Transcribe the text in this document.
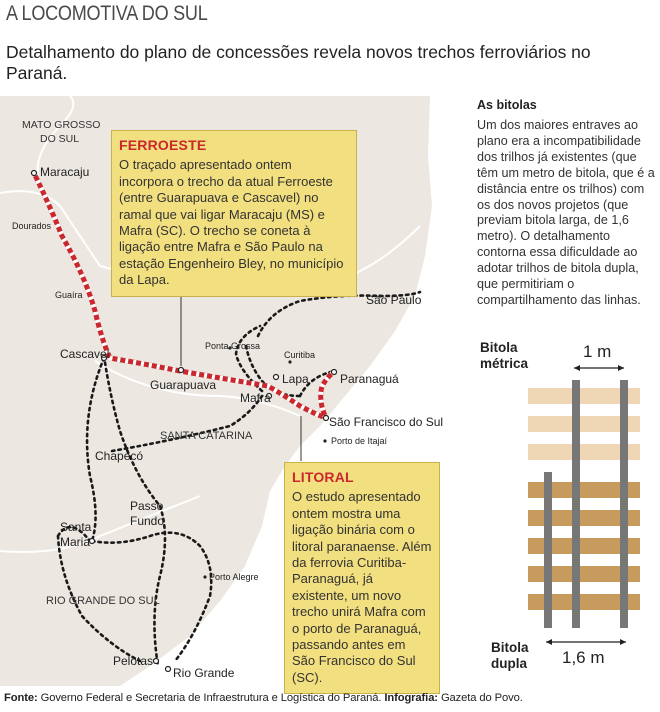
A LOCOMOTIVA DO SUL
Detalhamento do plano de concessões revela novos trechos ferroviários no Paraná.
MATO GROSSO
DO SUL
SANTA CATARINA
RIO GRANDE DO SUL
Maracaju
Dourados
Guaíra
Cascavel
Guarapuava
Ponta Grossa
Curitiba
Lapa
Mafra
Paranaguá
São Francisco do Sul
Porto de Itajaí
São Paulo
Chapecó
Passo
Fundo
Santa
Maria
Porto Alegre
Pelotas
Rio Grande
FERROESTE
O traçado apresentado ontem incorpora o trecho da atual Ferroeste (entre Guarapuava e Cascavel) no ramal que vai ligar Maracaju (MS) e Mafra (SC). O trecho se coneta à ligação entre Mafra e São Paulo na estação Engenheiro Bley, no município da Lapa.
LITORAL
O estudo apresentado ontem mostra uma ligação binária com o litoral paranaense. Além da ferrovia Curitiba-Paranaguá, já existente, um novo trecho unirá Mafra com o porto de Paranaguá, passando antes em São Francisco do Sul (SC).
As bitolas
Um dos maiores entraves ao plano era a incompatibilidade dos trilhos já existentes (que têm um metro de bitola, que é a distância entre os trilhos) com os dos novos projetos (que previam bitola larga, de 1,6 metro). O detalhamento contorna essa dificuldade ao adotar trilhos de bitola dupla, que permitiriam o compartilhamento das linhas.
Bitola
métrica
1 m
Bitola
dupla 1,6 m
Fonte: Governo Federal e Secretaria de Infraestrutura e Logística do Paraná. Infografia: Gazeta do Povo.
